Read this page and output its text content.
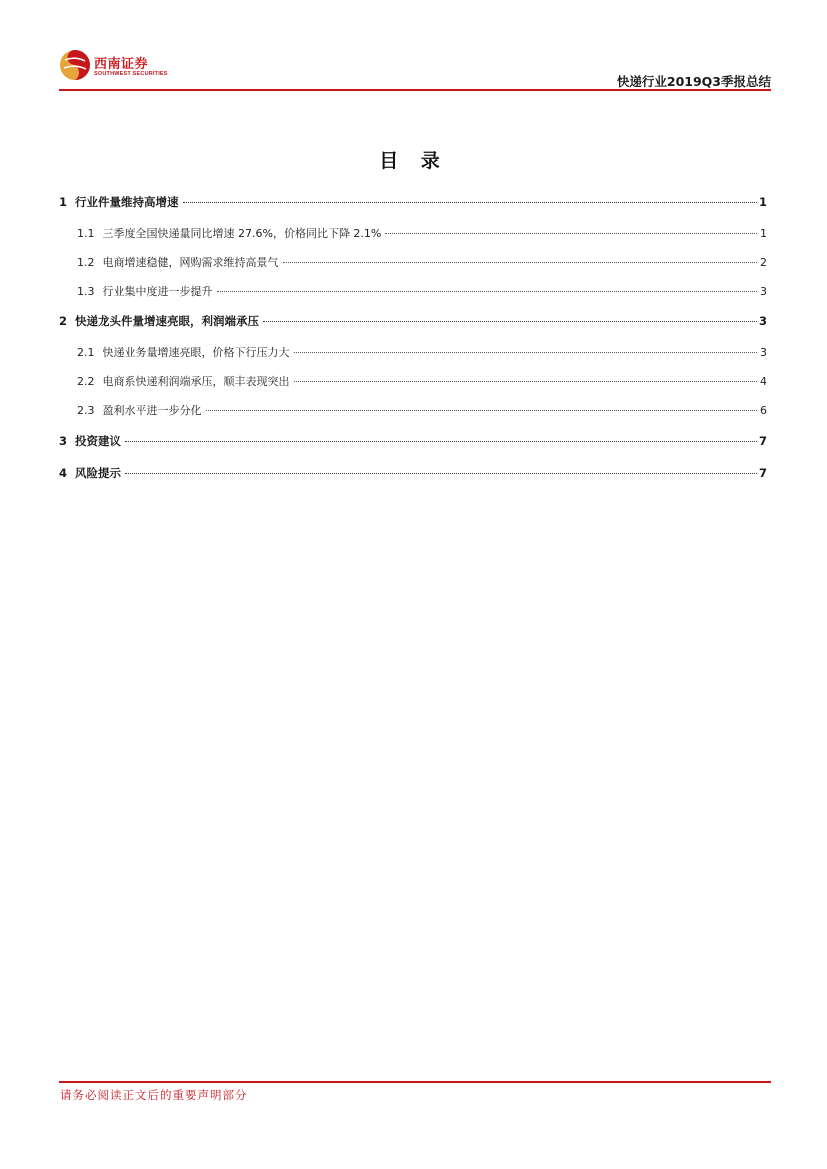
西南证券
SOUTHWEST SECURITIES	快递行业2019Q3季报总结
目 录
1 行业件量维持高增速	1
1.1 三季度全国快递量同比增速 27.6%，价格同比下降 2.1%	1
1.2 电商增速稳健，网购需求维持高景气	2
1.3 行业集中度进一步提升	3
2 快递龙头件量增速亮眼，利润端承压	3
2.1 快递业务量增速亮眼，价格下行压力大	3
2.2 电商系快递利润端承压，顺丰表现突出	4
2.3 盈利水平进一步分化	6
3 投资建议	7
4 风险提示	7
请务必阅读正文后的重要声明部分
